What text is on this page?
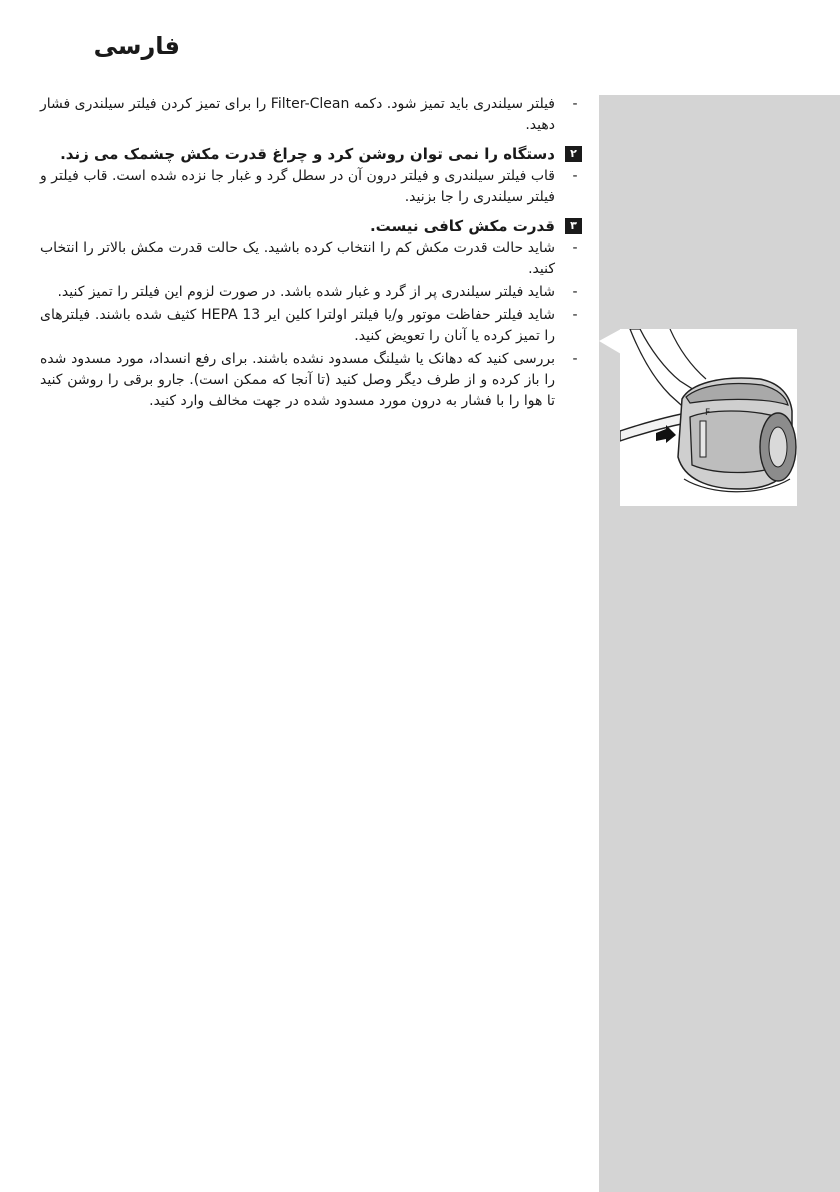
فارسی
-
فیلتر سیلندری باید تمیز شود. دکمه Filter-Clean را برای تمیز کردن فیلتر سیلندری فشار دهید.
۲
دستگاه را نمی توان روشن کرد و چراغ قدرت مکش چشمک می زند.
-
قاب فیلتر سیلندری و فیلتر درون آن در سطل گرد و غبار جا نزده شده است. قاب فیلتر و فیلتر سیلندری را جا بزنید.
۳
قدرت مکش کافی نیست.
-
شاید حالت قدرت مکش کم را انتخاب کرده باشید. یک حالت قدرت مکش بالاتر را انتخاب کنید.
-
شاید فیلتر سیلندری پر از گرد و غبار شده باشد. در صورت لزوم این فیلتر را تمیز کنید.
-
شاید فیلتر حفاظت موتور و/یا فیلتر اولترا کلین ایر HEPA 13 کثیف شده باشند. فیلترهای را تمیز کرده یا آنان را تعویض کنید.
-
بررسی کنید که دهانک یا شیلنگ مسدود نشده باشند. برای رفع انسداد، مورد مسدود شده را باز کرده و از طرف دیگر وصل کنید (تا آنجا که ممکن است). جارو برقی را روشن کنید تا هوا را با فشار به درون مورد مسدود شده در جهت مخالف وارد کنید.
F
